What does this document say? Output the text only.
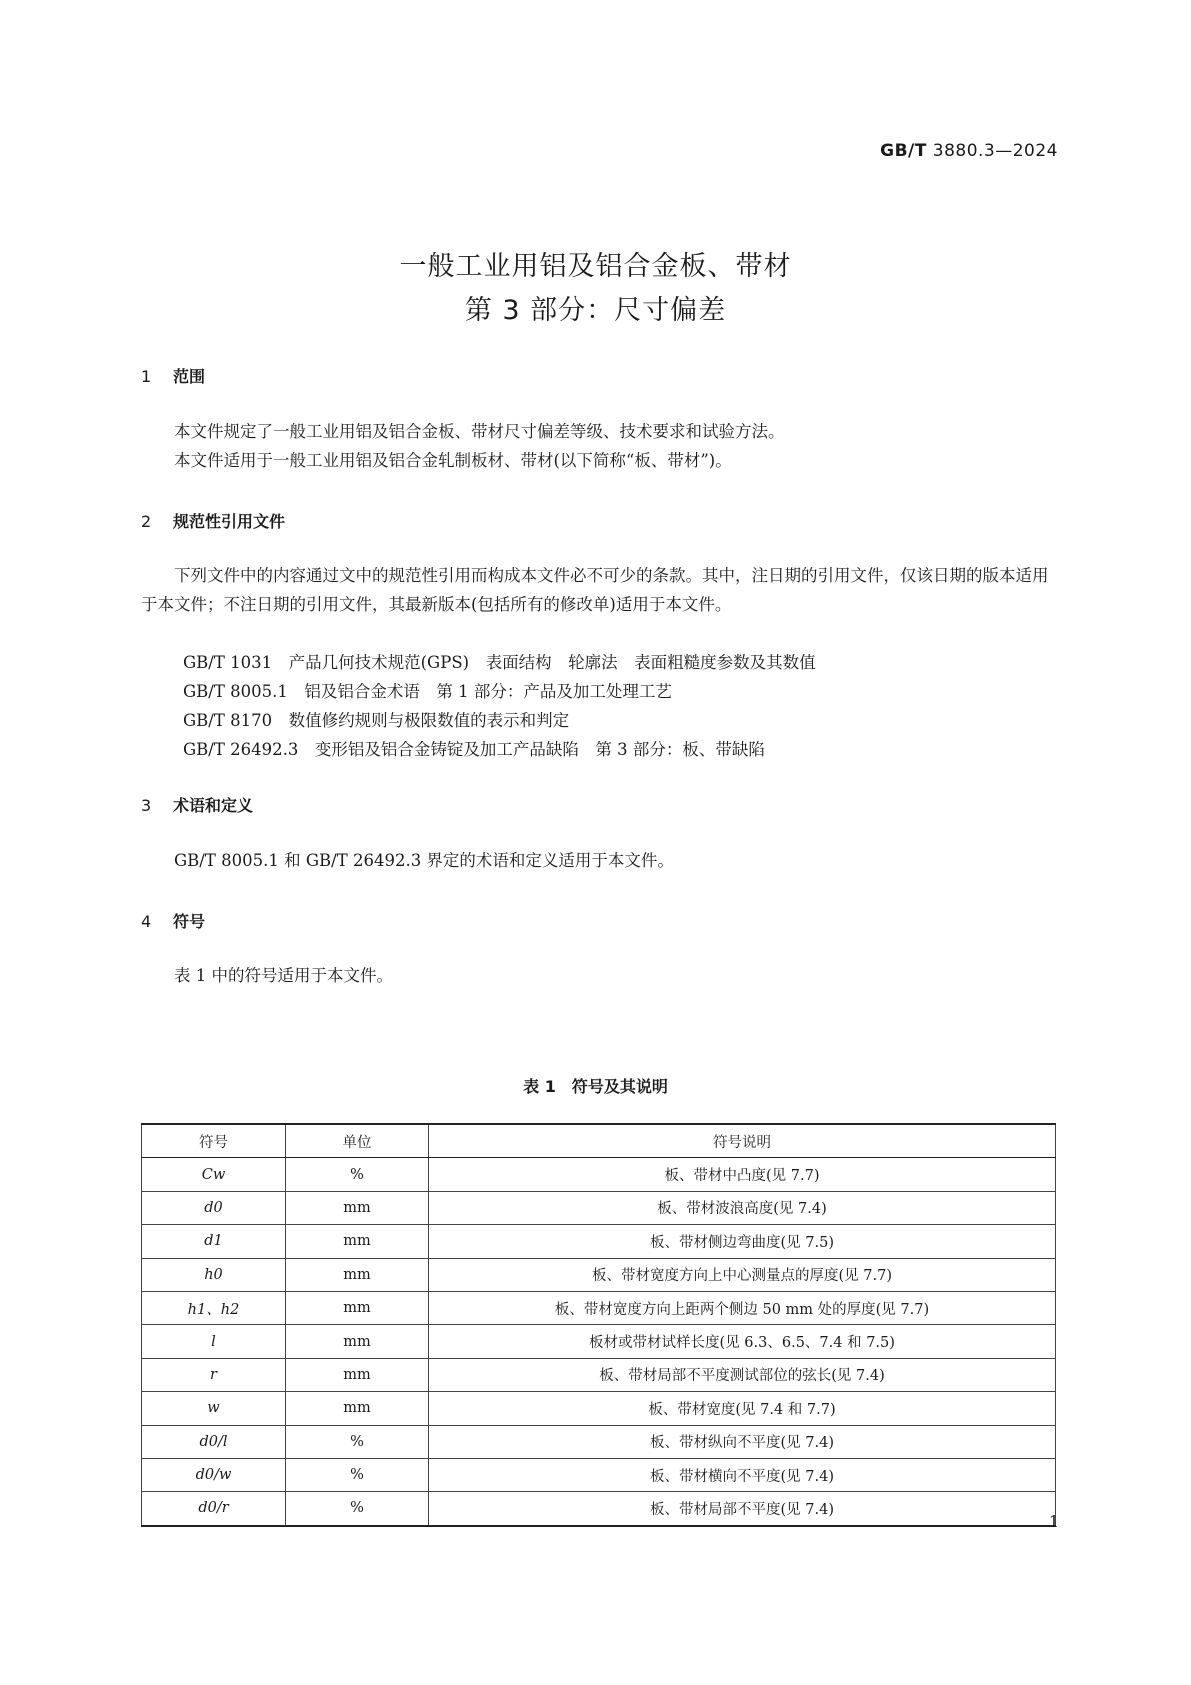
GB/T 3880.3—2024
一般工业用铝及铝合金板、带材
第 3 部分：尺寸偏差
1 范围
本文件规定了一般工业用铝及铝合金板、带材尺寸偏差等级、技术要求和试验方法。
本文件适用于一般工业用铝及铝合金轧制板材、带材(以下简称“板、带材”)。
2 规范性引用文件
下列文件中的内容通过文中的规范性引用而构成本文件必不可少的条款。其中，注日期的引用文件，仅该日期的版本适用于本文件；不注日期的引用文件，其最新版本(包括所有的修改单)适用于本文件。
GB/T 1031　产品几何技术规范(GPS)　表面结构　轮廓法　表面粗糙度参数及其数值
GB/T 8005.1　铝及铝合金术语　第 1 部分：产品及加工处理工艺
GB/T 8170　数值修约规则与极限数值的表示和判定
GB/T 26492.3　变形铝及铝合金铸锭及加工产品缺陷　第 3 部分：板、带缺陷
3 术语和定义
GB/T 8005.1 和 GB/T 26492.3 界定的术语和定义适用于本文件。
4 符号
表 1 中的符号适用于本文件。
表 1　符号及其说明
符号	单位	符号说明
Cw	%	板、带材中凸度(见 7.7)
d0	mm	板、带材波浪高度(见 7.4)
d1	mm	板、带材侧边弯曲度(见 7.5)
h0	mm	板、带材宽度方向上中心测量点的厚度(见 7.7)
h1、h2	mm	板、带材宽度方向上距两个侧边 50 mm 处的厚度(见 7.7)
l	mm	板材或带材试样长度(见 6.3、6.5、7.4 和 7.5)
r	mm	板、带材局部不平度测试部位的弦长(见 7.4)
w	mm	板、带材宽度(见 7.4 和 7.7)
d0/l	%	板、带材纵向不平度(见 7.4)
d0/w	%	板、带材横向不平度(见 7.4)
d0/r	%	板、带材局部不平度(见 7.4)
1
